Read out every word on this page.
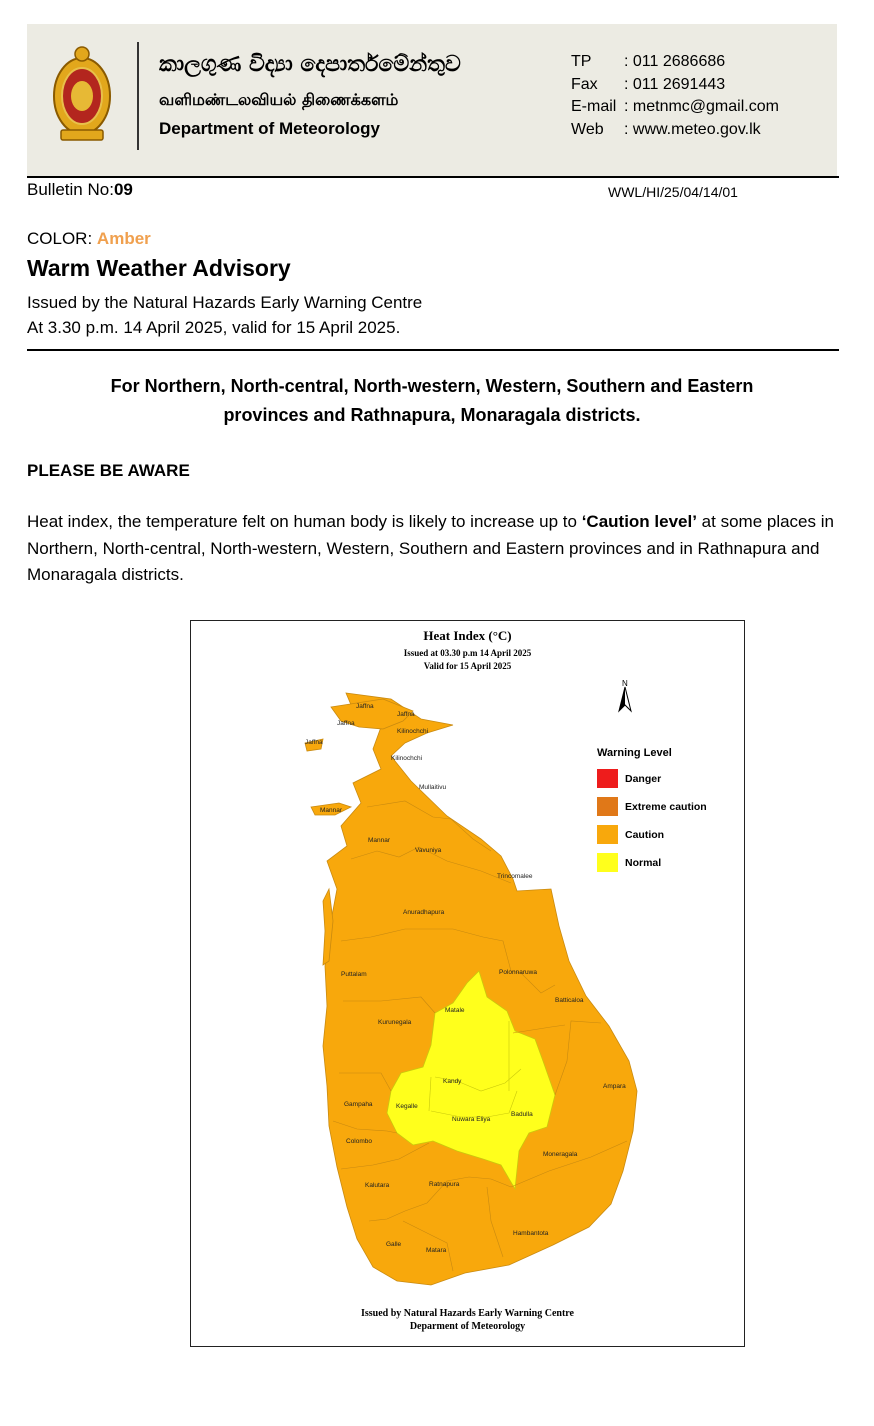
කාලගුණ විද්‍යා දෙපාර්තමේන්තුව
வளிமண்டலவியல் திணைக்களம்
Department of Meteorology
TP : 011 2686686
Fax : 011 2691443
E-mail : metnmc@gmail.com
Web : www.meteo.gov.lk
Bulletin No:09	WWL/HI/25/04/14/01
COLOR: Amber
Warm Weather Advisory
Issued by the Natural Hazards Early Warning Centre
At 3.30 p.m. 14 April 2025, valid for 15 April 2025.
For Northern, North-central, North-western, Western, Southern and Eastern
provinces and Rathnapura, Monaragala districts.
PLEASE BE AWARE
Heat index, the temperature felt on human body is likely to increase up to ‘Caution level’ at some places in Northern, North-central, North-western, Western, Southern and Eastern provinces and in Rathnapura and Monaragala districts.
Heat Index (°C)
Issued at 03.30 p.m 14 April 2025
Valid for 15 April 2025
N
Warning Level
Danger
Extreme caution
Caution
Normal
Jaffna
Jaffna
Jaffna
Jaffna
Kilinochchi
Kilinochchi
Mullaitivu
Mannar
Mannar
Vavuniya
Trincomalee
Anuradhapura
Puttalam	Polonnaruwa
Matale
Batticaloa
Kurunegala
Kandy
Ampara
Gampaha	Kegalle
Nuwara Eliya
Badulla
Colombo
Moneragala
Kalutara	Ratnapura
Hambantota
Galle
Matara
Issued by Natural Hazards Early Warning Centre
Deparment of Meteorology
